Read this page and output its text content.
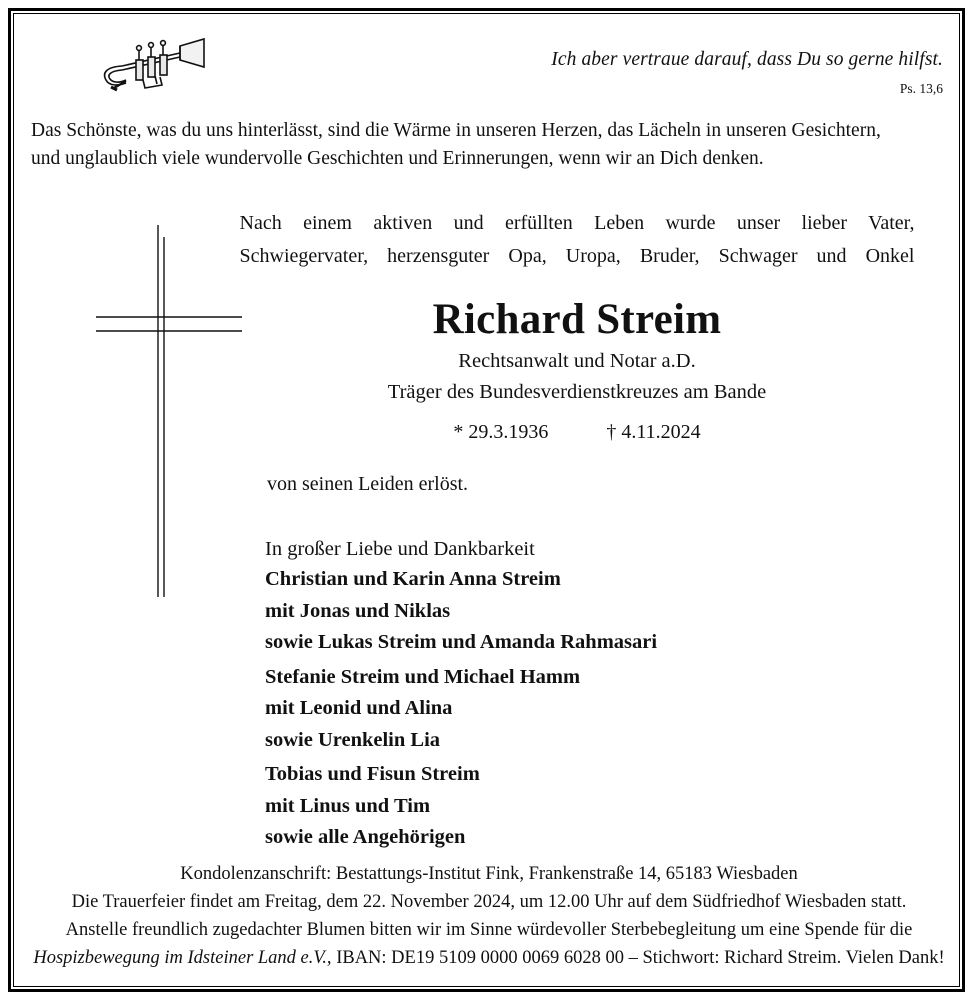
Ich aber vertraue darauf, dass Du so gerne hilfst.
Ps. 13,6
Das Schönste, was du uns hinterlässt, sind die Wärme in unseren Herzen, das Lächeln in unseren Gesichtern,
und unglaublich viele wundervolle Geschichten und Erinnerungen, wenn wir an Dich denken.
Nach einem aktiven und erfüllten Leben wurde unser lieber Vater,
Schwiegervater, herzensguter Opa, Uropa, Bruder, Schwager und Onkel
Richard Streim
Rechtsanwalt und Notar a.D.
Träger des Bundesverdienstkreuzes am Bande
* 29.3.1936	† 4.11.2024
von seinen Leiden erlöst.
In großer Liebe und Dankbarkeit
Christian und Karin Anna Streim
mit Jonas und Niklas
sowie Lukas Streim und Amanda Rahmasari
Stefanie Streim und Michael Hamm
mit Leonid und Alina
sowie Urenkelin Lia
Tobias und Fisun Streim
mit Linus und Tim
sowie alle Angehörigen
Kondolenzanschrift: Bestattungs-Institut Fink, Frankenstraße 14, 65183 Wiesbaden
Die Trauerfeier findet am Freitag, dem 22. November 2024, um 12.00 Uhr auf dem Südfriedhof Wiesbaden statt.
Anstelle freundlich zugedachter Blumen bitten wir im Sinne würdevoller Sterbebegleitung um eine Spende für die
Hospizbewegung im Idsteiner Land e.V., IBAN: DE19 5109 0000 0069 6028 00 – Stichwort: Richard Streim. Vielen Dank!
